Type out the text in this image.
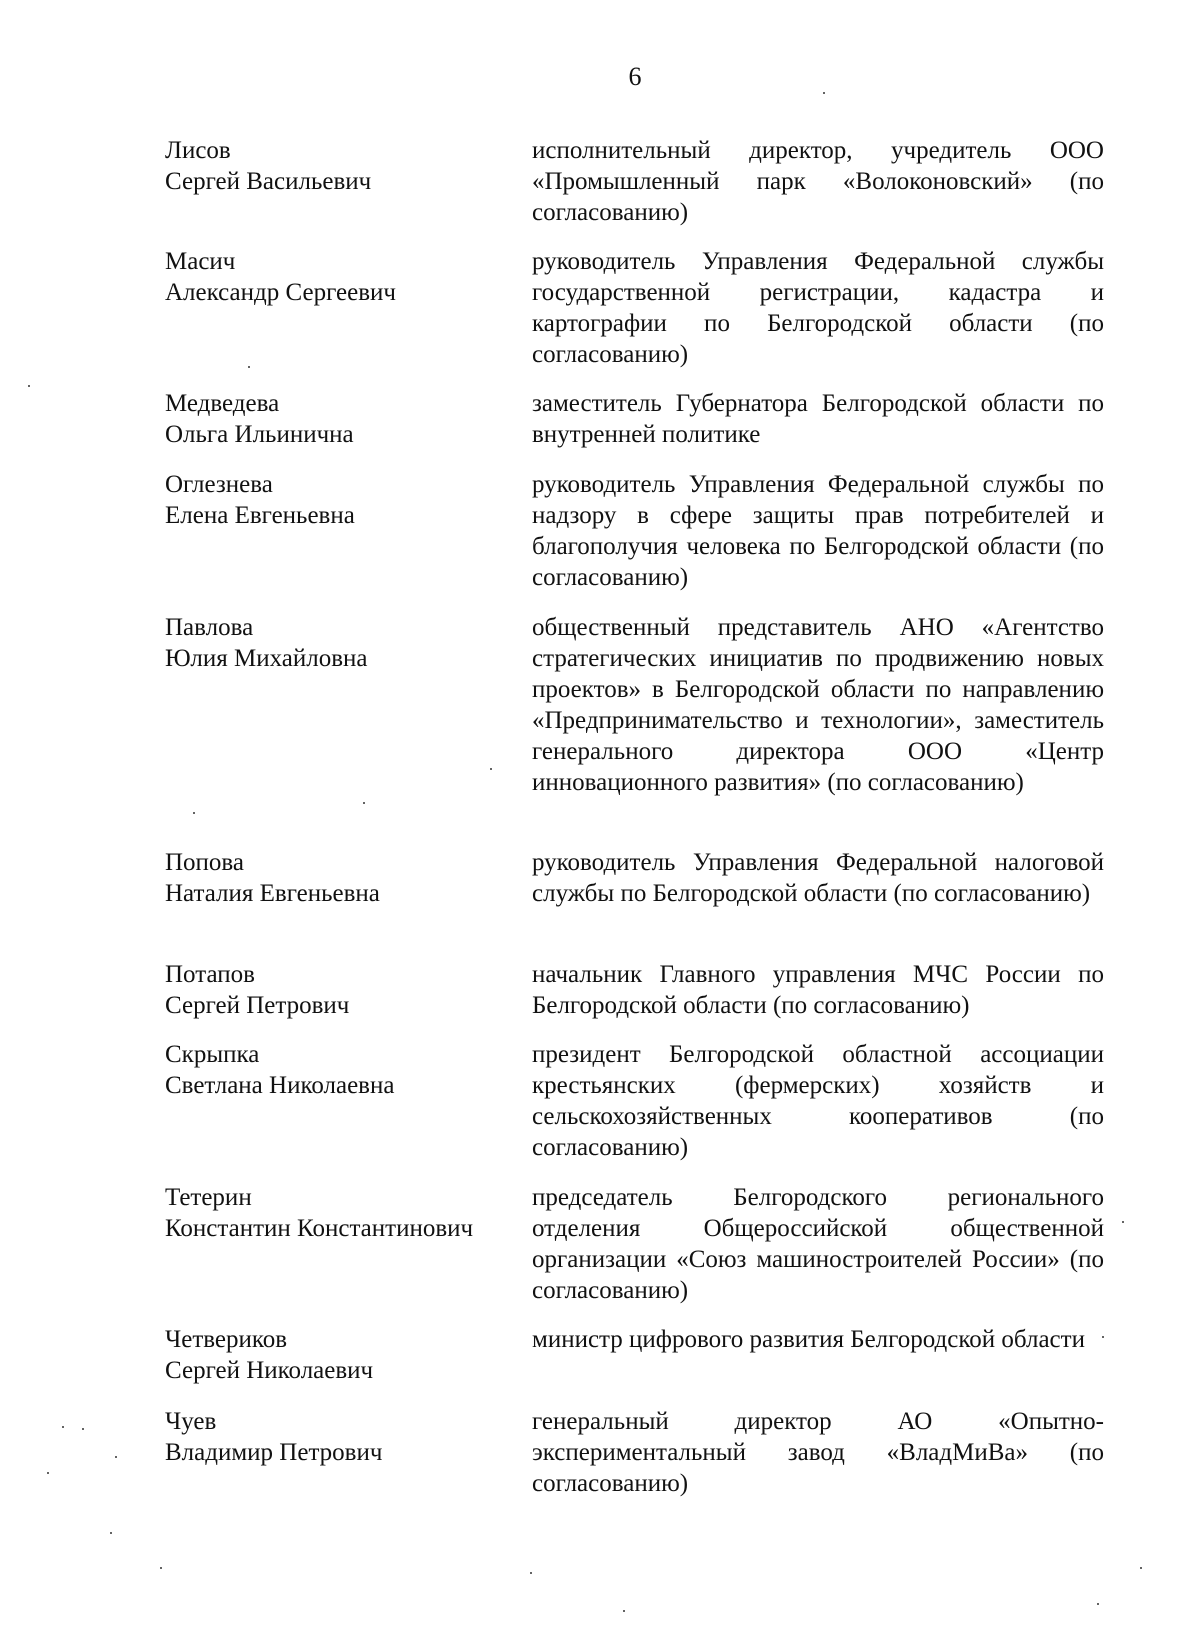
6
Лисов
Сергей Васильевич
исполнительный директор, учредитель ООО «Промышленный парк «Волоконовский» (по согласованию)
Масич
Александр Сергеевич
руководитель Управления Федеральной службы государственной регистрации, кадастра и картографии по Белгородской области (по согласованию)
Медведева
Ольга Ильинична
заместитель Губернатора Белгородской области по внутренней политике
Оглезнева
Елена Евгеньевна
руководитель Управления Федеральной службы по надзору в сфере защиты прав потребителей и благополучия человека по Белгородской области (по согласованию)
Павлова
Юлия Михайловна
общественный представитель АНО «Агентство стратегических инициатив по продвижению новых проектов» в Белгородской области по направлению «Предпринимательство и технологии», заместитель генерального директора ООО «Центр инновационного развития» (по согласованию)
Попова
Наталия Евгеньевна
руководитель Управления Федеральной налоговой службы по Белгородской области (по согласованию)
Потапов
Сергей Петрович
начальник Главного управления МЧС России по Белгородской области (по согласованию)
Скрыпка
Светлана Николаевна
президент Белгородской областной ассоциации крестьянских (фермерских) хозяйств и сельскохозяйственных кооперативов (по согласованию)
Тетерин
Константин Константинович
председатель Белгородского регионального отделения Общероссийской общественной организации «Союз машиностроителей России» (по согласованию)
Четвериков
Сергей Николаевич
министр цифрового развития Белгородской области
Чуев
Владимир Петрович
генеральный директор АО «Опытно-экспериментальный завод «ВладМиВа» (по согласованию)
